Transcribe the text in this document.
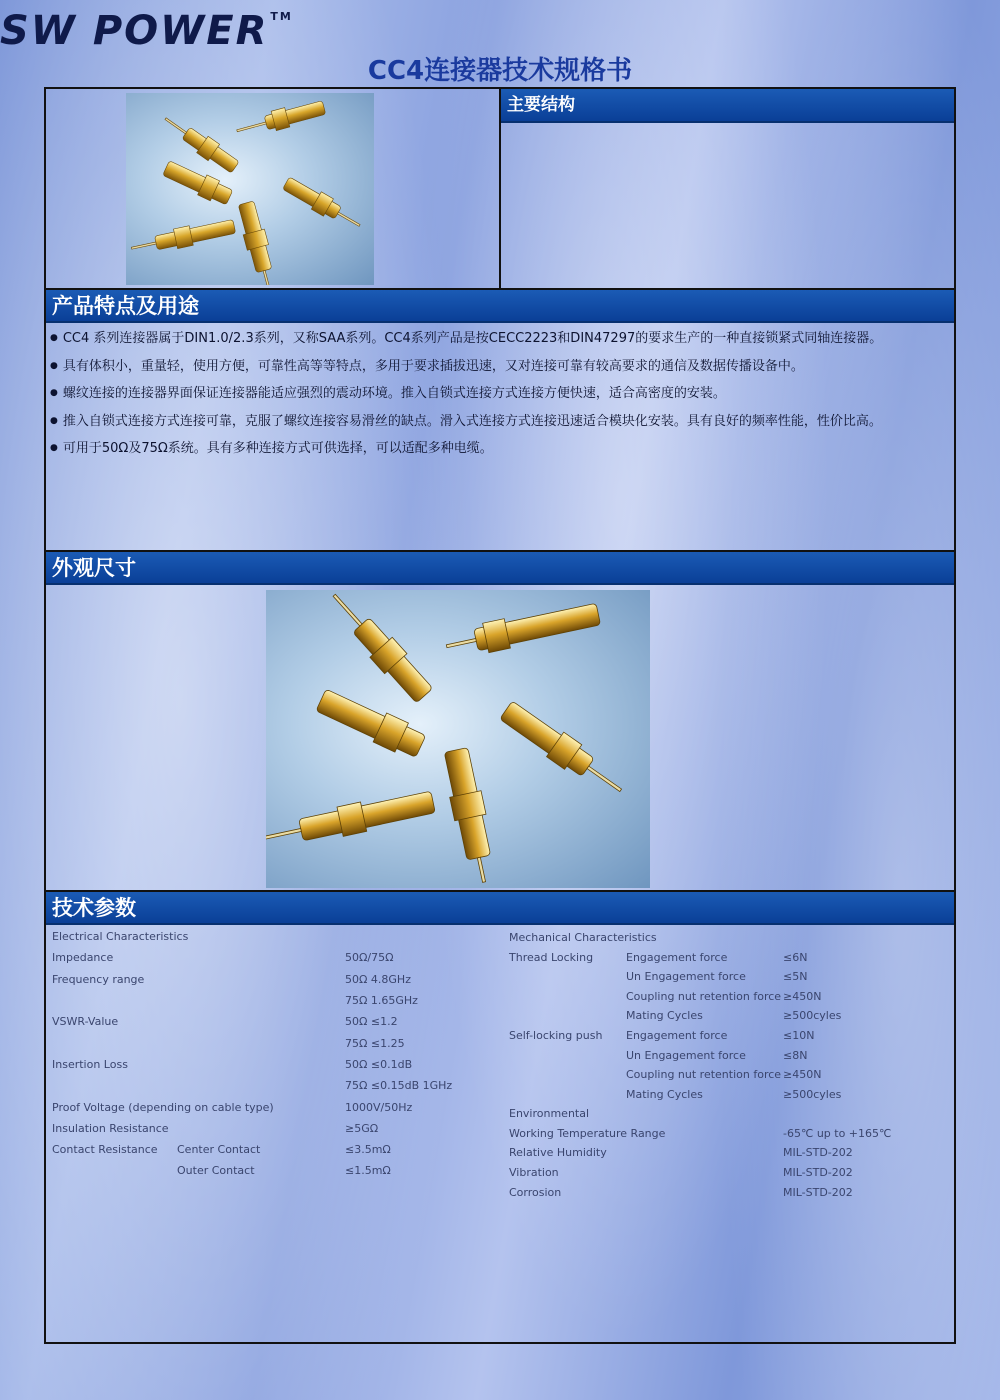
SW POWER ™
CC4连接器技术规格书
主要结构
产品特点及用途
● CC4 系列连接器属于DIN1.0/2.3系列，又称SAA系列。CC4系列产品是按CECC2223和DIN47297的要求生产的一种直接锁紧式同轴连接器。
● 具有体积小，重量轻，使用方便，可靠性高等等特点，多用于要求插拔迅速，又对连接可靠有较高要求的通信及数据传播设备中。
● 螺纹连接的连接器界面保证连接器能适应强烈的震动环境。推入自锁式连接方式连接方便快速，适合高密度的安装。
● 推入自锁式连接方式连接可靠，克服了螺纹连接容易滑丝的缺点。滑入式连接方式连接迅速适合模块化安装。具有良好的频率性能，性价比高。
● 可用于50Ω及75Ω系统。具有多种连接方式可供选择，可以适配多种电缆。
外观尺寸
技术参数
Electrical Characteristics
Impedance	50Ω/75Ω
Frequency range	50Ω 4.8GHz
75Ω 1.65GHz
VSWR-Value	50Ω ≤1.2
75Ω ≤1.25
Insertion Loss	50Ω ≤0.1dB
75Ω ≤0.15dB 1GHz
Proof Voltage (depending on cable type)	1000V/50Hz
Insulation Resistance	≥5GΩ
Contact Resistance Center Contact	≤3.5mΩ
Outer Contact	≤1.5mΩ
Mechanical Characteristics
Thread Locking	Engagement force	≤6N
Un Engagement force	≤5N
Coupling nut retention force ≥450N
Mating Cycles	≥500cyles
Self-locking push Engagement force	≤10N
Un Engagement force	≤8N
Coupling nut retention force ≥450N
Mating Cycles	≥500cyles
Environmental
Working Temperature Range	-65℃ up to +165℃
Relative Humidity	MIL-STD-202
Vibration	MIL-STD-202
Corrosion	MIL-STD-202
